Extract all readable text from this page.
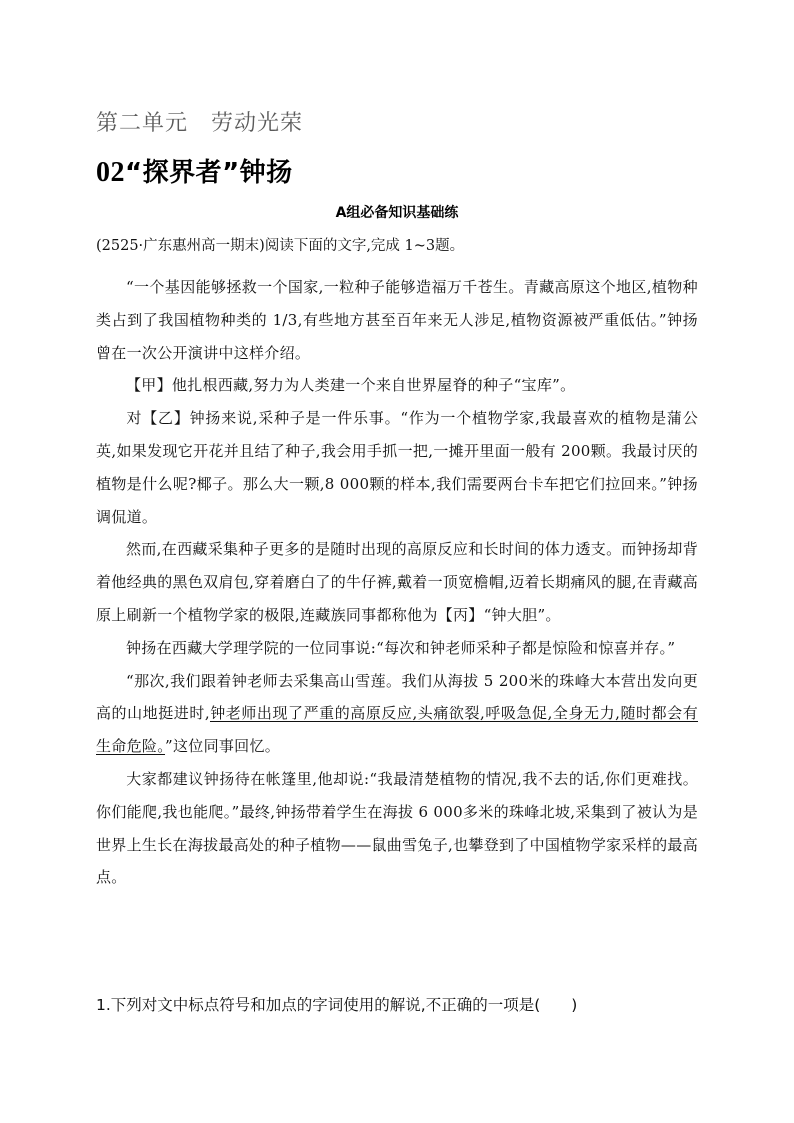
第二单元　劳动光荣
02“探界者”钟扬
A组必备知识基础练
(2525·广东惠州高一期末)阅读下面的文字,完成 1~3题。

“一个基因能够拯救一个国家,一粒种子能够造福万千苍生。青藏高原这个地区,植物种类占到了我国植物种类的 1/3,有些地方甚至百年来无人涉足,植物资源被严重低估。”钟扬曾在一次公开演讲中这样介绍。

【甲】他扎根西藏,努力为人类建一个来自世界屋脊的种子“宝库”。

对【乙】钟扬来说,采种子是一件乐事。“作为一个植物学家,我最喜欢的植物是蒲公英,如果发现它开花并且结了种子,我会用手抓一把,一摊开里面一般有 200颗。我最讨厌的植物是什么呢?椰子。那么大一颗,8 000颗的样本,我们需要两台卡车把它们拉回来。”钟扬调侃道。

然而,在西藏采集种子更多的是随时出现的高原反应和长时间的体力透支。而钟扬却背着他经典的黑色双肩包,穿着磨白了的牛仔裤,戴着一顶宽檐帽,迈着长期痛风的腿,在青藏高原上刷新一个植物学家的极限,连藏族同事都称他为【丙】“钟大胆”。

钟扬在西藏大学理学院的一位同事说:“每次和钟老师采种子都是惊险和惊喜并存。”

“那次,我们跟着钟老师去采集高山雪莲。我们从海拔 5 200米的珠峰大本营出发向更高的山地挺进时,钟老师出现了严重的高原反应,头痛欲裂,呼吸急促,全身无力,随时都会有生命危险。”这位同事回忆。

大家都建议钟扬待在帐篷里,他却说:“我最清楚植物的情况,我不去的话,你们更难找。你们能爬,我也能爬。”最终,钟扬带着学生在海拔 6 000多米的珠峰北坡,采集到了被认为是世界上生长在海拔最高处的种子植物——鼠曲雪兔子,也攀登到了中国植物学家采样的最高点。

1.下列对文中标点符号和加点的字词使用的解说,不正确的一项是(　　)
